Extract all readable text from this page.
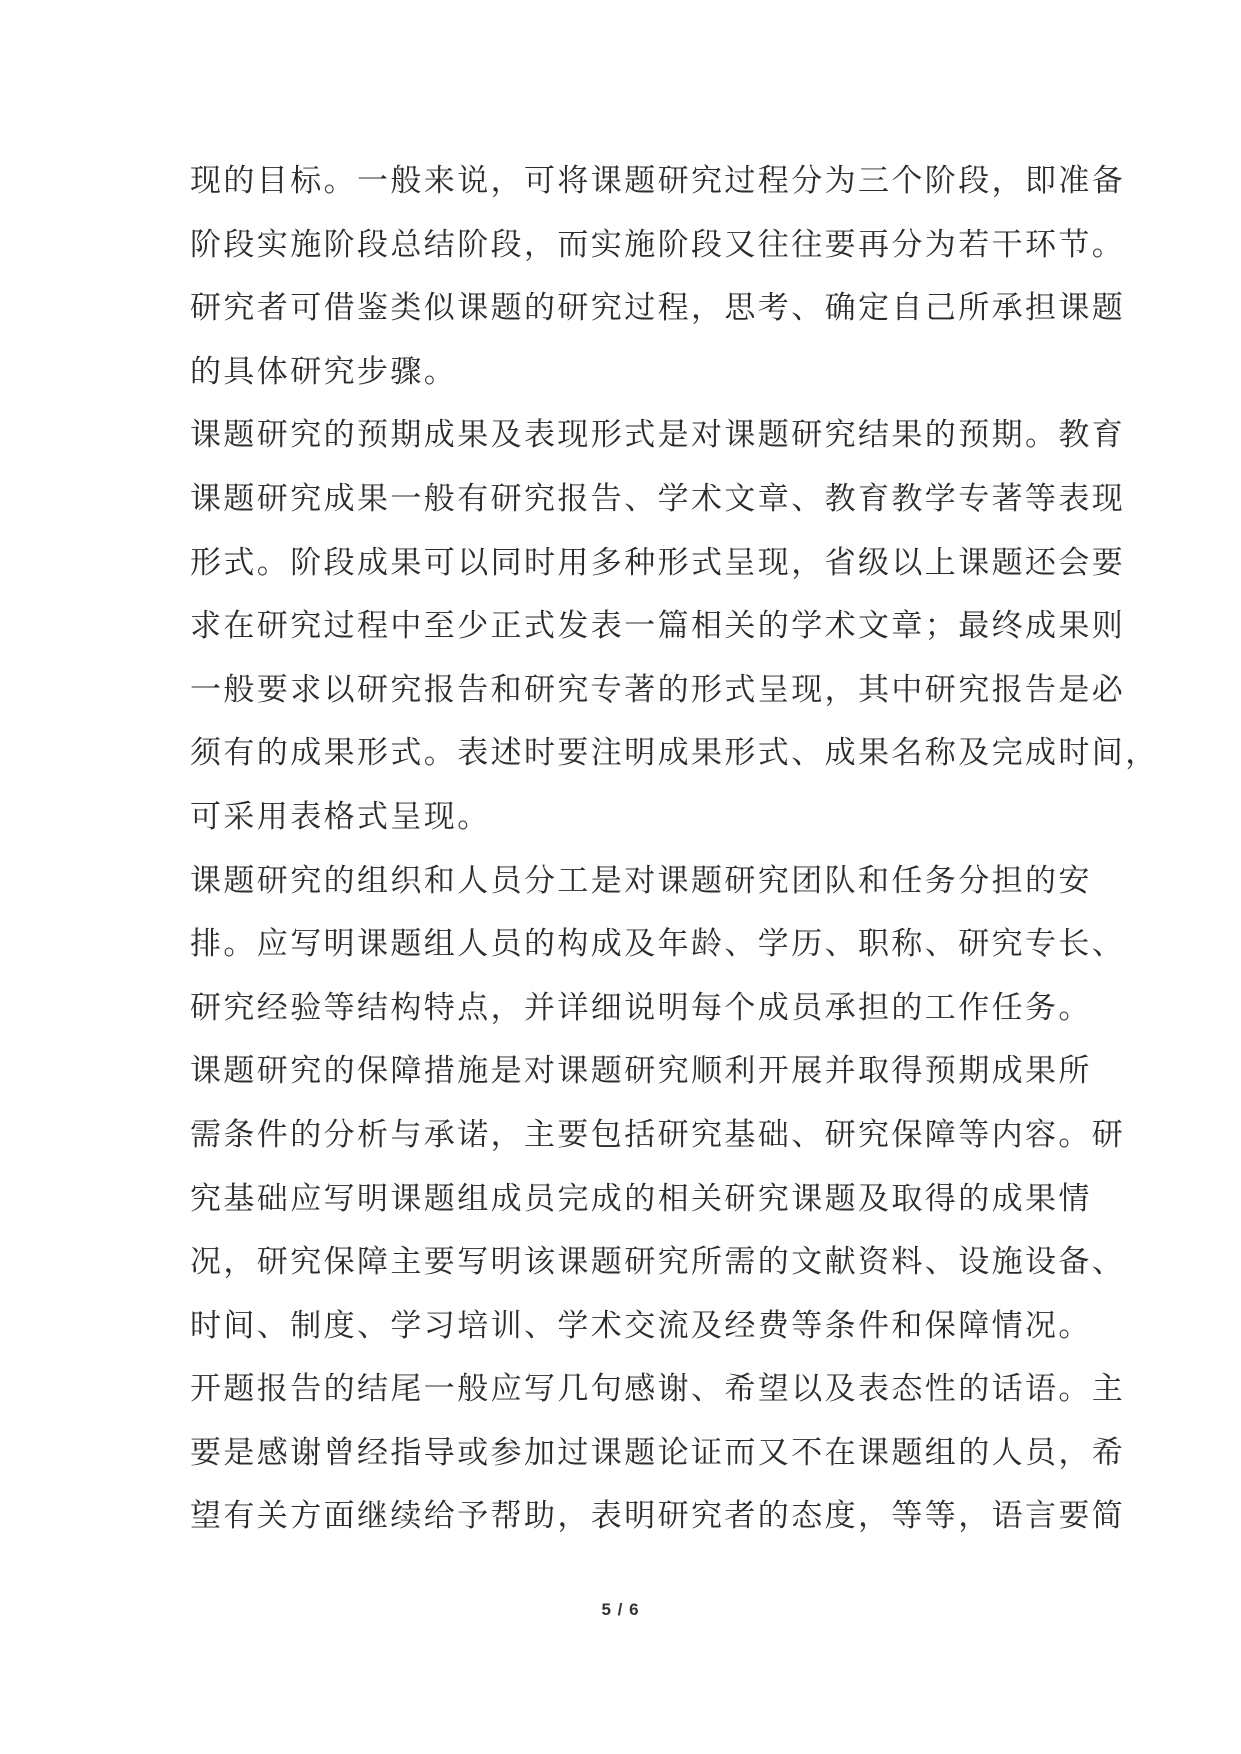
现的目标。一般来说，可将课题研究过程分为三个阶段，即准备
阶段实施阶段总结阶段，而实施阶段又往往要再分为若干环节。
研究者可借鉴类似课题的研究过程，思考、确定自己所承担课题
的具体研究步骤。
课题研究的预期成果及表现形式是对课题研究结果的预期。教育
课题研究成果一般有研究报告、学术文章、教育教学专著等表现
形式。阶段成果可以同时用多种形式呈现，省级以上课题还会要
求在研究过程中至少正式发表一篇相关的学术文章；最终成果则
一般要求以研究报告和研究专著的形式呈现，其中研究报告是必
须有的成果形式。表述时要注明成果形式、成果名称及完成时间，
可采用表格式呈现。
课题研究的组织和人员分工是对课题研究团队和任务分担的安
排。应写明课题组人员的构成及年龄、学历、职称、研究专长、
研究经验等结构特点，并详细说明每个成员承担的工作任务。
课题研究的保障措施是对课题研究顺利开展并取得预期成果所
需条件的分析与承诺，主要包括研究基础、研究保障等内容。研
究基础应写明课题组成员完成的相关研究课题及取得的成果情
况，研究保障主要写明该课题研究所需的文献资料、设施设备、
时间、制度、学习培训、学术交流及经费等条件和保障情况。
开题报告的结尾一般应写几句感谢、希望以及表态性的话语。主
要是感谢曾经指导或参加过课题论证而又不在课题组的人员，希
望有关方面继续给予帮助，表明研究者的态度，等等，语言要简
5 / 6
